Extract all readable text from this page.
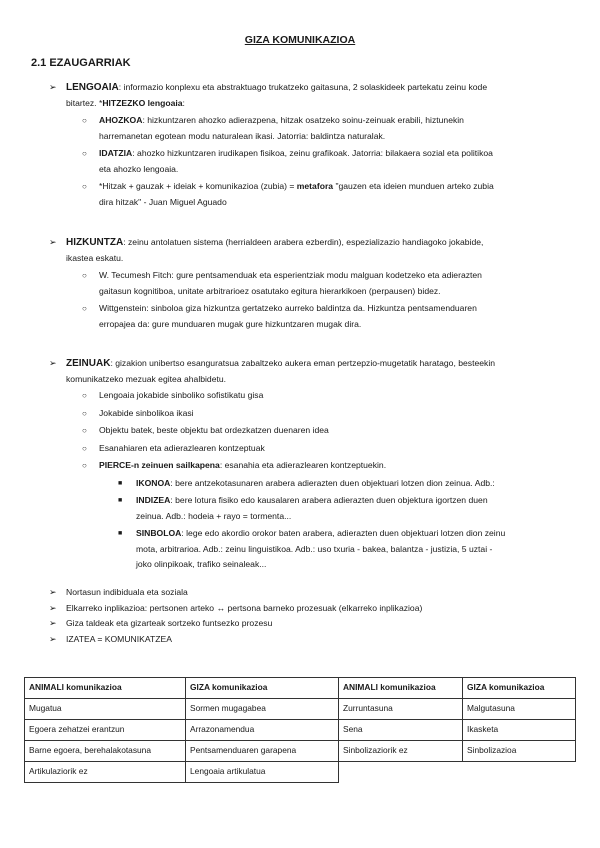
GIZA KOMUNIKAZIOA
2.1 EZAUGARRIAK
➢ LENGOAIA: informazio konplexu eta abstraktuago trukatzeko gaitasuna, 2 solaskideek partekatu zeinu kode
bitartez. *HITZEZKO lengoaia:
○ AHOZKOA: hizkuntzaren ahozko adierazpena, hitzak osatzeko soinu-zeinuak erabili, hiztunekin
harremanetan egotean modu naturalean ikasi. Jatorria: baldintza naturalak.
○ IDATZIA: ahozko hizkuntzaren irudikapen fisikoa, zeinu grafikoak. Jatorria: bilakaera sozial eta politikoa
eta ahozko lengoaia.
○ *Hitzak + gauzak + ideiak + komunikazioa (zubia) = metafora "gauzen eta ideien munduen arteko zubia
dira hitzak" - Juan Miguel Aguado
➢ HIZKUNTZA: zeinu antolatuen sistema (herrialdeen arabera ezberdin), espezializazio handiagoko jokabide,
ikastea eskatu.
○ W. Tecumesh Fitch: gure pentsamenduak eta esperientziak modu malguan kodetzeko eta adierazten
gaitasun kognitiboa, unitate arbitrarioez osatutako egitura hierarkikoen (perpausen) bidez.
○ Wittgenstein: sinboloa giza hizkuntza gertatzeko aurreko baldintza da. Hizkuntza pentsamenduaren
erropajea da: gure munduaren mugak gure hizkuntzaren mugak dira.
➢ ZEINUAK: gizakion unibertso esanguratsua zabaltzeko aukera eman pertzepzio-mugetatik haratago, besteekin
komunikatzeko mezuak egitea ahalbidetu.
○ Lengoaia jokabide sinboliko sofistikatu gisa
○ Jokabide sinbolikoa ikasi
○ Objektu batek, beste objektu bat ordezkatzen duenaren idea
○ Esanahiaren eta adierazlearen kontzeptuak
○ PIERCE-n zeinuen sailkapena: esanahia eta adierazlearen kontzeptuekin.
■ IKONOA: bere antzekotasunaren arabera adierazten duen objektuari lotzen dion zeinua. Adb.:
■ INDIZEA: bere lotura fisiko edo kausalaren arabera adierazten duen objektura igortzen duen
zeinua. Adb.: hodeia + rayo = tormenta...
■ SINBOLOA: lege edo akordio orokor baten arabera, adierazten duen objektuari lotzen dion zeinu
mota, arbitrarioa. Adb.: zeinu linguistikoa. Adb.: uso txuria - bakea, balantza - justizia, 5 uztai -
joko olinpikoak, trafiko seinaleak...
➢ Nortasun indibiduala eta soziala
➢ Elkarreko inplikazioa: pertsonen arteko ↔ pertsona barneko prozesuak (elkarreko inplikazioa)
➢ Giza taldeak eta gizarteak sortzeko funtsezko prozesu
➢ IZATEA = KOMUNIKATZEA
ANIMALI komunikazioa	GIZA komunikazioa	ANIMALI komunikazioa	GIZA komunikazioa
Mugatua	Sormen mugagabea	Zurruntasuna	Malgutasuna
Egoera zehatzei erantzun	Arrazonamendua	Sena	Ikasketa
Barne egoera, berehalakotasuna	Pentsamenduaren garapena	Sinbolizaziorik ez	Sinbolizazioa
Artikulaziorik ez	Lengoaia artikulatua		
